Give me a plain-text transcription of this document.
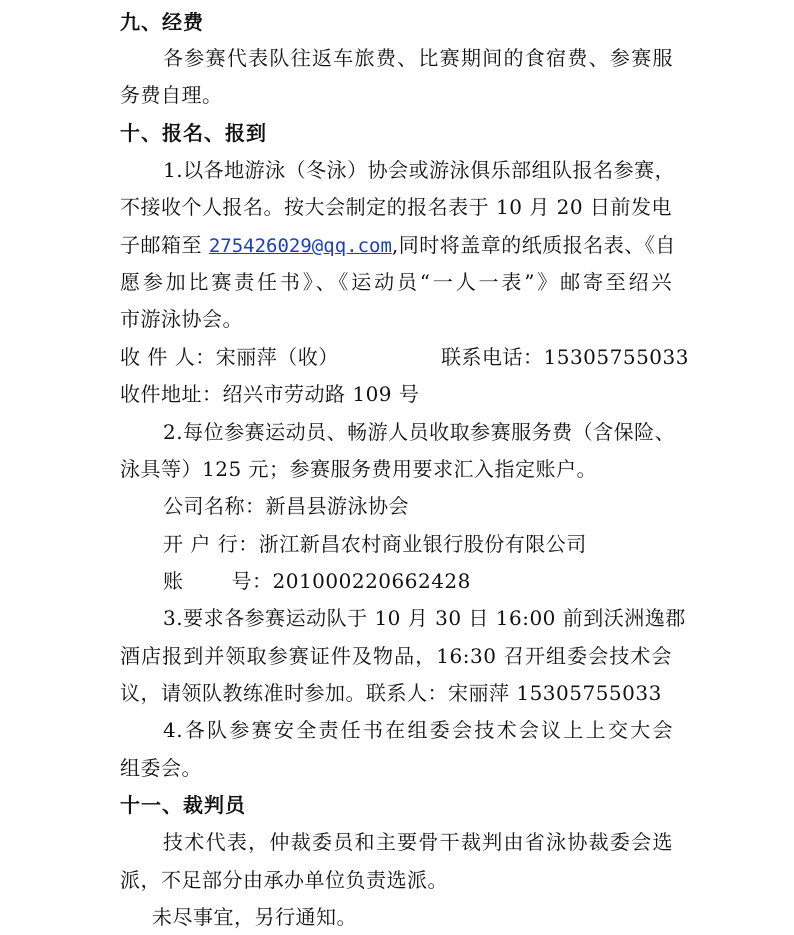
九、经费
各参赛代表队往返车旅费、比赛期间的食宿费、参赛服
务费自理。
十、报名、报到
1.以各地游泳（冬泳）协会或游泳俱乐部组队报名参赛，
不接收个人报名。按大会制定的报名表于 10 月 20 日前发电
子邮箱至 275426029@qq.com,同时将盖章的纸质报名表、《自
愿参加比赛责任书》、《运动员“一人一表”》邮寄至绍兴
市游泳协会。
收 件 人：宋丽萍（收）	联系电话：15305755033
收件地址：绍兴市劳动路 109 号
2.每位参赛运动员、畅游人员收取参赛服务费（含保险、
泳具等）125 元；参赛服务费用要求汇入指定账户。
公司名称：新昌县游泳协会
开 户 行：浙江新昌农村商业银行股份有限公司
账 号：201000220662428
3.要求各参赛运动队于 10 月 30 日 16:00 前到沃洲逸郡
酒店报到并领取参赛证件及物品，16:30 召开组委会技术会
议，请领队教练准时参加。联系人：宋丽萍 15305755033
4.各队参赛安全责任书在组委会技术会议上上交大会
组委会。
十一、裁判员
技术代表，仲裁委员和主要骨干裁判由省泳协裁委会选
派，不足部分由承办单位负责选派。
未尽事宜，另行通知。
